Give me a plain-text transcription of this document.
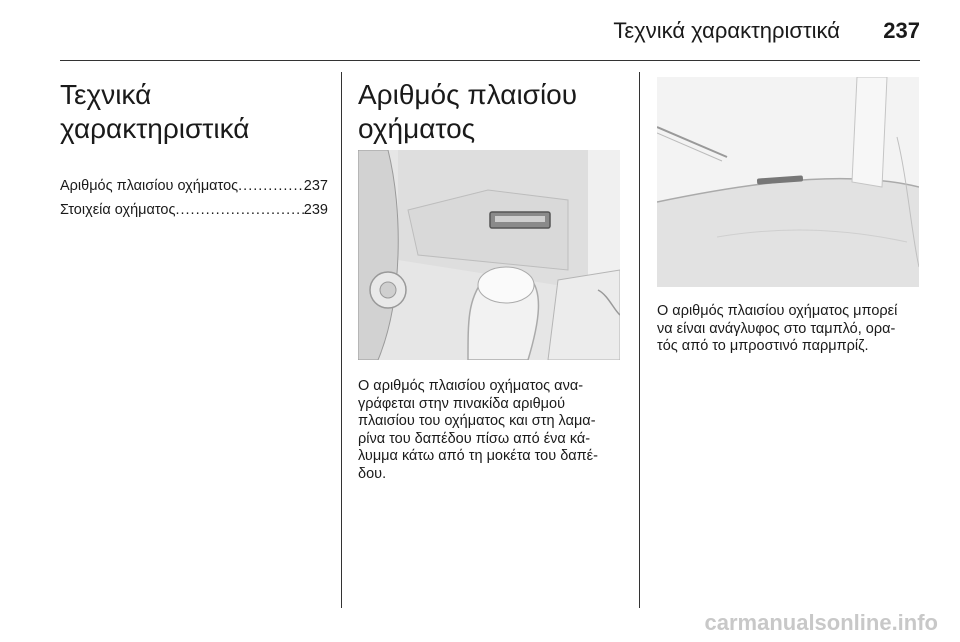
Τεχνικά χαρακτηριστικά 237
Τεχνικά
χαρακτηριστικά
Αριθμός πλαισίου οχήματος .....	237
Στοιχεία οχήματος .....	239
Αριθμός πλαισίου
οχήματος
Ο αριθμός πλαισίου οχήματος ανα-
γράφεται στην πινακίδα αριθμού
πλαισίου του οχήματος και στη λαμα-
ρίνα του δαπέδου πίσω από ένα κά-
λυμμα κάτω από τη μοκέτα του δαπέ-
δου.
Ο αριθμός πλαισίου οχήματος μπορεί
να είναι ανάγλυφος στο ταμπλό, ορα-
τός από το μπροστινό παρμπρίζ.
carmanualsonline.info
